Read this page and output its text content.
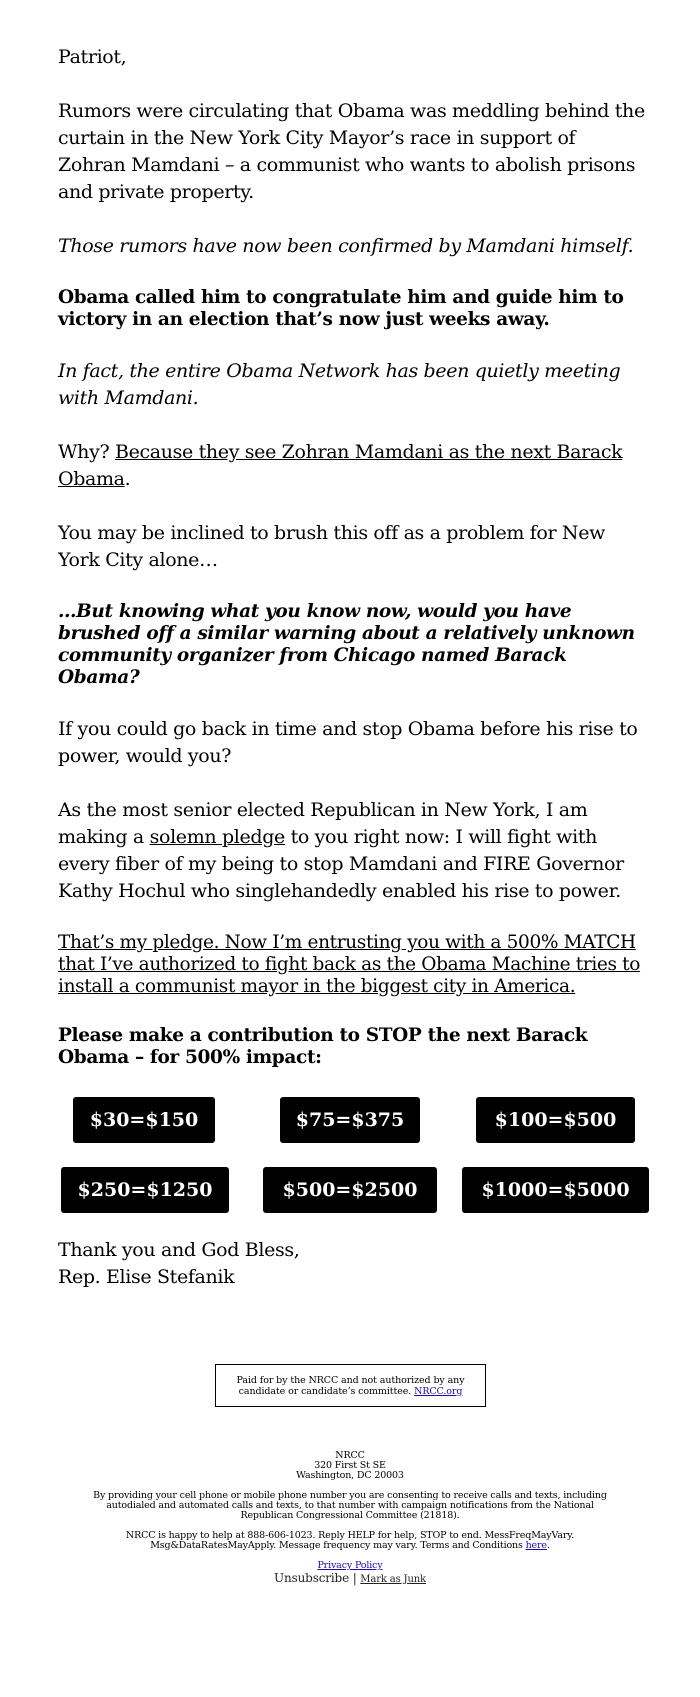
Patriot,

Rumors were circulating that Obama was meddling behind the curtain in the New York City Mayor’s race in support of Zohran Mamdani – a communist who wants to abolish prisons and private property.

Those rumors have now been confirmed by Mamdani himself.

Obama called him to congratulate him and guide him to victory in an election that’s now just weeks away.

In fact, the entire Obama Network has been quietly meeting with Mamdani.

Why? Because they see Zohran Mamdani as the next Barack Obama.

You may be inclined to brush this off as a problem for New York City alone…

…But knowing what you know now, would you have brushed off a similar warning about a relatively unknown community organizer from Chicago named Barack Obama?

If you could go back in time and stop Obama before his rise to power, would you?

As the most senior elected Republican in New York, I am making a solemn pledge to you right now: I will fight with every fiber of my being to stop Mamdani and FIRE Governor Kathy Hochul who singlehandedly enabled his rise to power.

That’s my pledge. Now I’m entrusting you with a 500% MATCH that I’ve authorized to fight back as the Obama Machine tries to install a communist mayor in the biggest city in America.

Please make a contribution to STOP the next Barack Obama – for 500% impact:

$30=$150	$75=$375	$100=$500
$250=$1250	$500=$2500	$1000=$5000
Thank you and God Bless,
Rep. Elise Stefanik
Paid for by the NRCC and not authorized by any candidate or candidate’s committee. NRCC.org
NRCC
320 First St SE
Washington, DC 20003
By providing your cell phone or mobile phone number you are consenting to receive calls and texts, including autodialed and automated calls and texts, to that number with campaign notifications from the National Republican Congressional Committee (21818).
NRCC is happy to help at 888-606-1023. Reply HELP for help, STOP to end. MessFreqMayVary. Msg&DataRatesMayApply. Message frequency may vary. Terms and Conditions here.
Privacy Policy
Unsubscribe | Mark as Junk
